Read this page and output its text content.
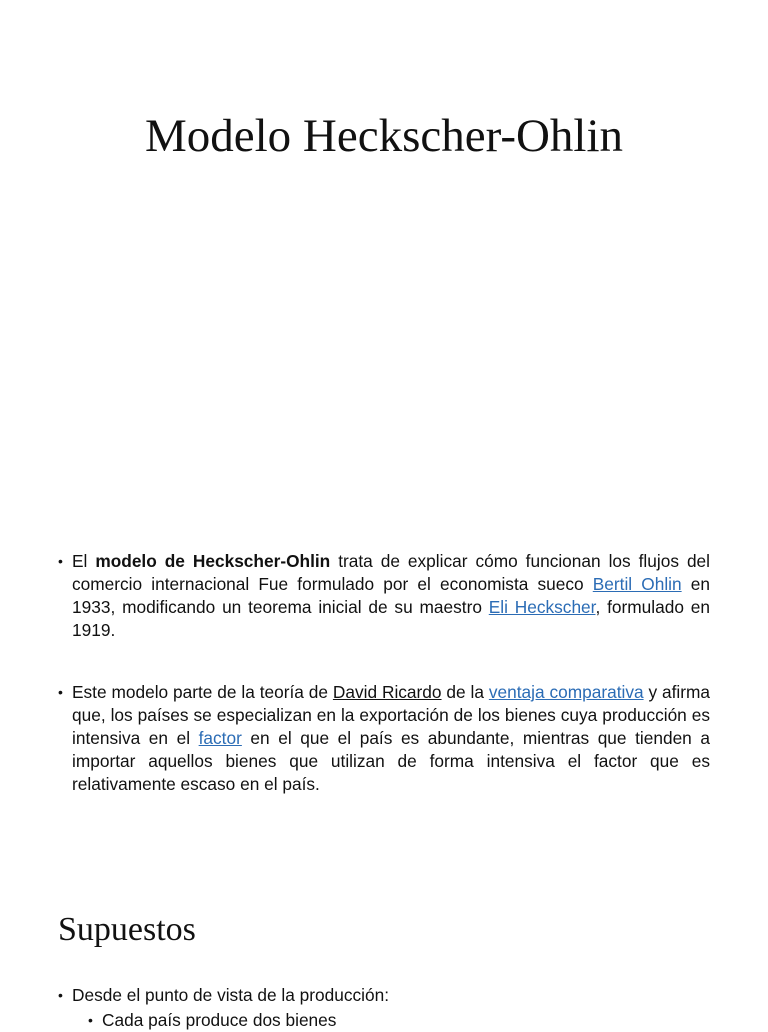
Modelo Heckscher-Ohlin
• El modelo de Heckscher-Ohlin trata de explicar cómo funcionan los flujos del comercio internacional Fue formulado por el economista sueco Bertil Ohlin en 1933, modificando un teorema inicial de su maestro Eli Heckscher, formulado en 1919.
• Este modelo parte de la teoría de David Ricardo de la ventaja comparativa y afirma que, los países se especializan en la exportación de los bienes cuya producción es intensiva en el factor en el que el país es abundante, mientras que tienden a importar aquellos bienes que utilizan de forma intensiva el factor que es relativamente escaso en el país.
Supuestos
• Desde el punto de vista de la producción:
• Cada país produce dos bienes
